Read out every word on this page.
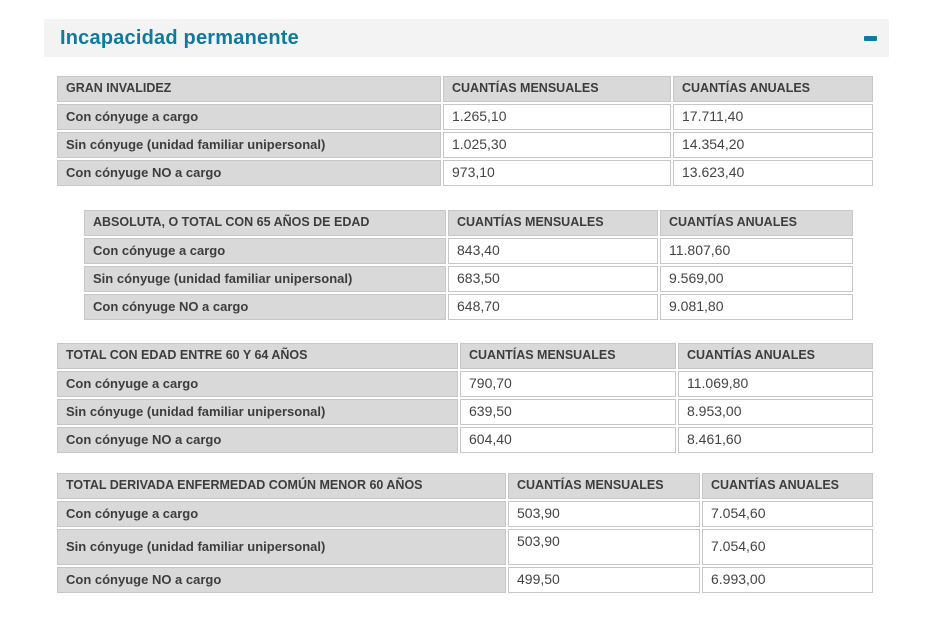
Incapacidad permanente
GRAN INVALIDEZ	CUANTÍAS MENSUALES	CUANTÍAS ANUALES
Con cónyuge a cargo	1.265,10	17.711,40
Sin cónyuge (unidad familiar unipersonal)	1.025,30	14.354,20
Con cónyuge NO a cargo	973,10	13.623,40
ABSOLUTA, O TOTAL CON 65 AÑOS DE EDAD	CUANTÍAS MENSUALES	CUANTÍAS ANUALES
Con cónyuge a cargo	843,40	11.807,60
Sin cónyuge (unidad familiar unipersonal)	683,50	9.569,00
Con cónyuge NO a cargo	648,70	9.081,80
TOTAL CON EDAD ENTRE 60 Y 64 AÑOS	CUANTÍAS MENSUALES	CUANTÍAS ANUALES
Con cónyuge a cargo	790,70	11.069,80
Sin cónyuge (unidad familiar unipersonal)	639,50	8.953,00
Con cónyuge NO a cargo	604,40	8.461,60
TOTAL DERIVADA ENFERMEDAD COMÚN MENOR 60 AÑOS	CUANTÍAS MENSUALES	CUANTÍAS ANUALES
Con cónyuge a cargo	503,90	7.054,60
Sin cónyuge (unidad familiar unipersonal)	503,90	7.054,60
Con cónyuge NO a cargo	499,50	6.993,00
